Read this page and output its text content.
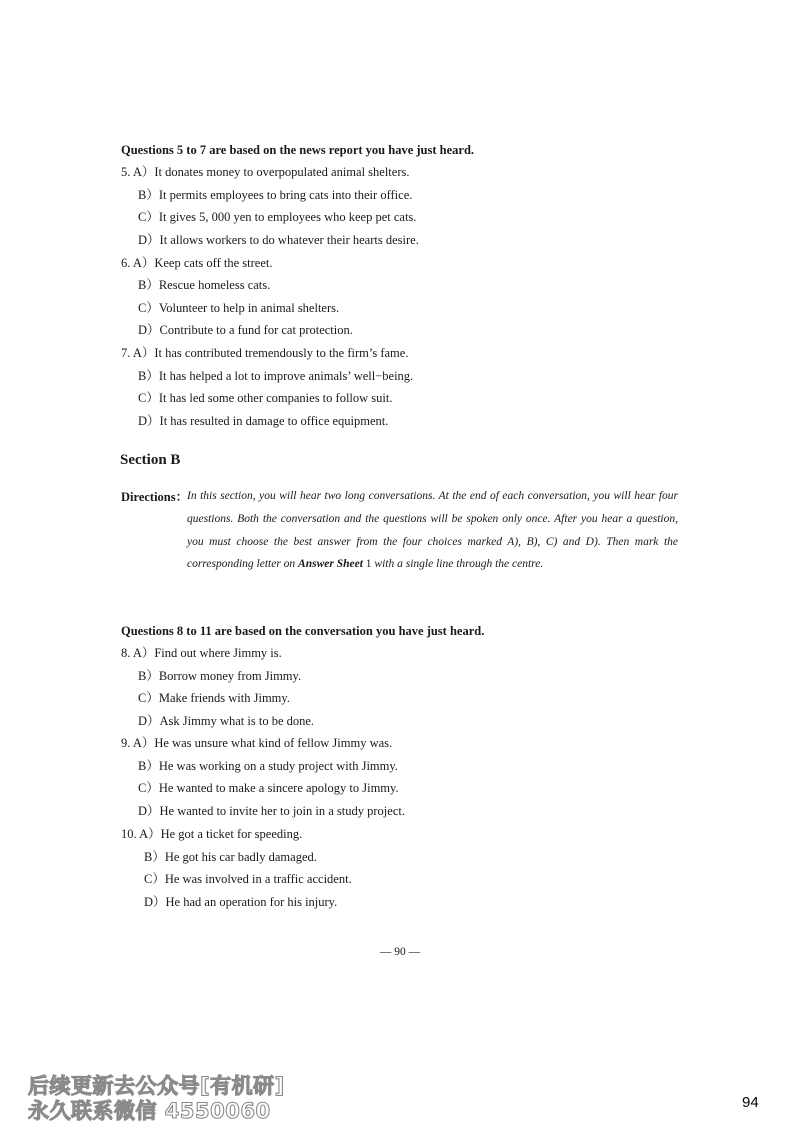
Questions 5 to 7 are based on the news report you have just heard.
5. A）It donates money to overpopulated animal shelters.
B）It permits employees to bring cats into their office.
C）It gives 5, 000 yen to employees who keep pet cats.
D）It allows workers to do whatever their hearts desire.
6. A）Keep cats off the street.
B）Rescue homeless cats.
C）Volunteer to help in animal shelters.
D）Contribute to a fund for cat protection.
7. A）It has contributed tremendously to the firm’s fame.
B）It has helped a lot to improve animals’ well−being.
C）It has led some other companies to follow suit.
D）It has resulted in damage to office equipment.
Section B
Directions：
In this section, you will hear two long conversations. At the end of each conversation, you will hear four questions. Both the conversation and the questions will be spoken only once. After you hear a question, you must choose the best answer from the four choices marked A), B), C) and D). Then mark the corresponding letter on Answer Sheet 1 with a single line through the centre.
Questions 8 to 11 are based on the conversation you have just heard.
8. A）Find out where Jimmy is.
B）Borrow money from Jimmy.
C）Make friends with Jimmy.
D）Ask Jimmy what is to be done.
9. A）He was unsure what kind of fellow Jimmy was.
B）He was working on a study project with Jimmy.
C）He wanted to make a sincere apology to Jimmy.
D）He wanted to invite her to join in a study project.
10. A）He got a ticket for speeding.
B）He got his car badly damaged.
C）He was involved in a traffic accident.
D）He had an operation for his injury.
— 90 —
后续更新去公众号[有机研]
永久联系微信 4550060	94
